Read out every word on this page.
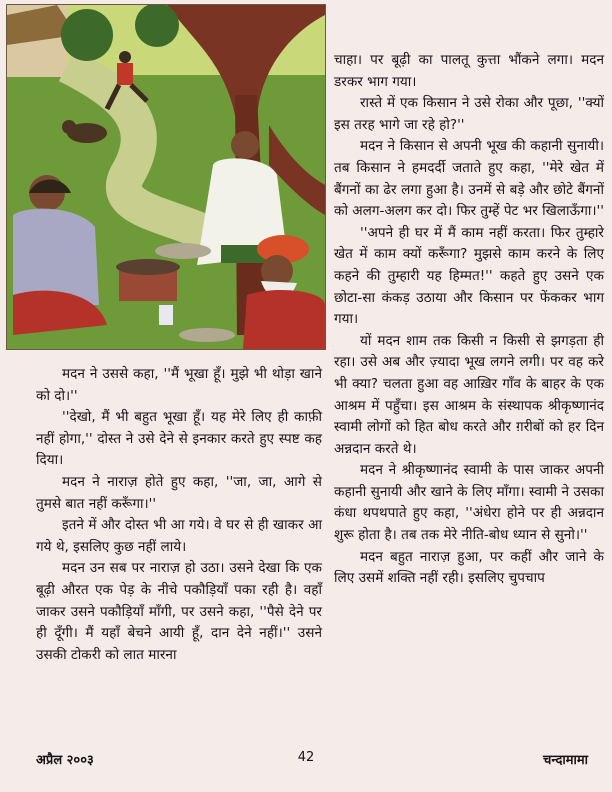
मदन ने उससे कहा, ''मैं भूखा हूँ। मुझे भी थोड़ा खाने को दो।''

''देखो, मैं भी बहुत भूखा हूँ। यह मेरे लिए ही काफ़ी नहीं होगा,'' दोस्त ने उसे देने से इनकार करते हुए स्पष्ट कह दिया।

मदन ने नाराज़ होते हुए कहा, ''जा, जा, आगे से तुमसे बात नहीं करूँगा।''

इतने में और दोस्त भी आ गये। वे घर से ही खाकर आ गये थे, इसलिए कुछ नहीं लाये।

मदन उन सब पर नाराज़ हो उठा। उसने देखा कि एक बूढ़ी औरत एक पेड़ के नीचे पकौड़ियाँ पका रही है। वहाँ जाकर उसने पकौड़ियाँ माँगी, पर उसने कहा, ''पैसे देने पर ही दूँगी। मैं यहाँ बेचने आयी हूँ, दान देने नहीं।'' उसने उसकी टोकरी को लात मारना

चाहा। पर बूढ़ी का पालतू कुत्ता भौंकने लगा। मदन डरकर भाग गया।

रास्ते में एक किसान ने उसे रोका और पूछा, ''क्यों इस तरह भागे जा रहे हो?''

मदन ने किसान से अपनी भूख की कहानी सुनायी। तब किसान ने हमदर्दी जताते हुए कहा, ''मेरे खेत में बैंगनों का ढेर लगा हुआ है। उनमें से बड़े और छोटे बैंगनों को अलग-अलग कर दो। फिर तुम्हें पेट भर खिलाऊँगा।''

''अपने ही घर में मैं काम नहीं करता। फिर तुम्हारे खेत में काम क्यों करूँगा? मुझसे काम करने के लिए कहने की तुम्हारी यह हिम्मत!'' कहते हुए उसने एक छोटा-सा कंकड़ उठाया और किसान पर फेंककर भाग गया।

यों मदन शाम तक किसी न किसी से झगड़ता ही रहा। उसे अब और ज़्यादा भूख लगने लगी। पर वह करे भी क्या? चलता हुआ वह आख़िर गाँव के बाहर के एक आश्रम में पहुँचा। इस आश्रम के संस्थापक श्रीकृष्णानंद स्वामी लोगों को हित बोध करते और ग़रीबों को हर दिन अन्नदान करते थे।

मदन ने श्रीकृष्णानंद स्वामी के पास जाकर अपनी कहानी सुनायी और खाने के लिए माँगा। स्वामी ने उसका कंधा थपथपाते हुए कहा, ''अंधेरा होने पर ही अन्नदान शुरू होता है। तब तक मेरे नीति-बोध ध्यान से सुनो।''

मदन बहुत नाराज़ हुआ, पर कहीं और जाने के लिए उसमें शक्ति नहीं रही। इसलिए चुपचाप

अप्रैल २००३	42	चन्दामामा
